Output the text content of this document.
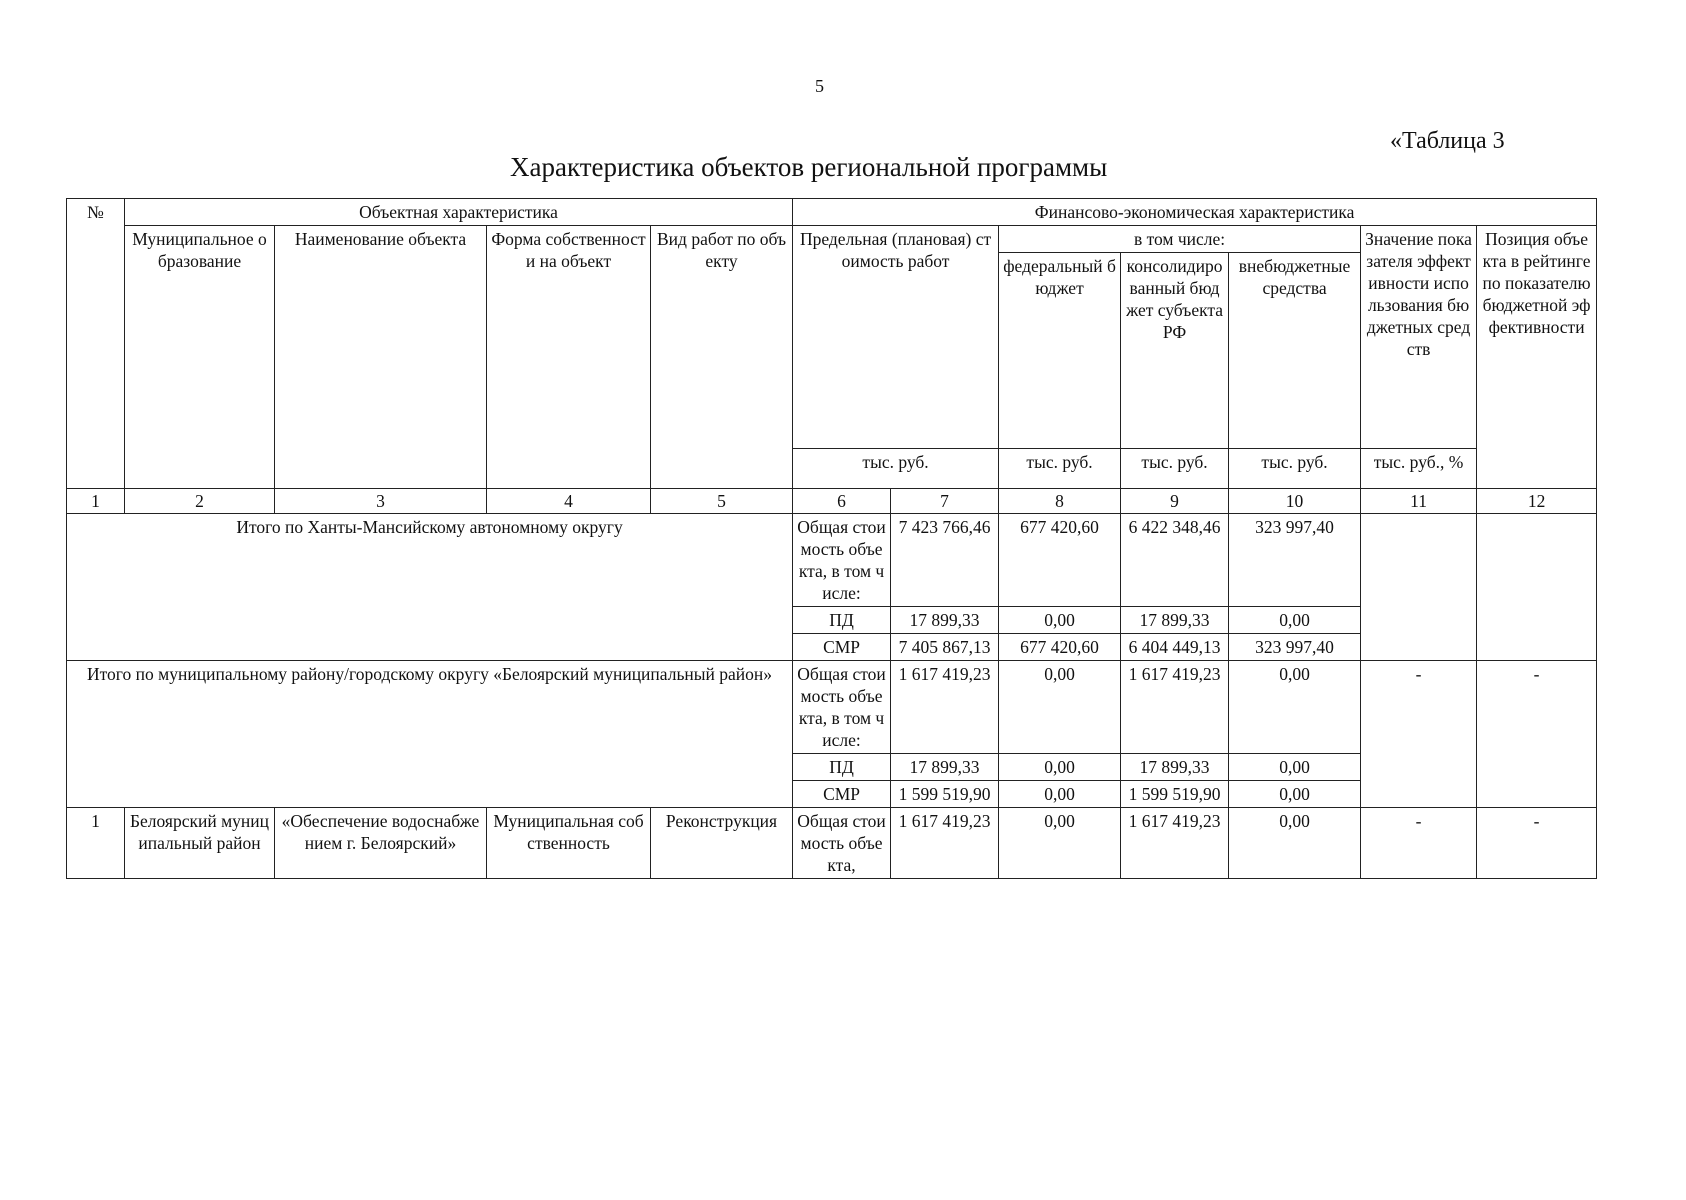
5
«Таблица 3
Характеристика объектов региональной программы
№	Объектная характеристика				Финансово-экономическая характеристика						
	Муниципальное образование	Наименование объекта	Форма собственности на объект	Вид работ по объекту	Предельная (плановая) стоимость работ		в том числе:			Значение показателя эффективности использования бюджетных средств	Позиция объекта в рейтинге по показателю бюджетной эффективности
							федеральный бюджет	консолидированный бюджет субъекта РФ	внебюджетные средства		
					тыс. руб.		тыс. руб.	тыс. руб.	тыс. руб.	тыс. руб., %	
1	2	3	4	5	6	7	8	9	10	11	12
Итого по Ханты-Мансийскому автономному округу					Общая стоимость объекта, в том числе:	7 423 766,46	677 420,60	6 422 348,46	323 997,40		
					ПД	17 899,33	0,00	17 899,33	0,00		
					СМР	7 405 867,13	677 420,60	6 404 449,13	323 997,40		
Итого по муниципальному району/городскому округу «Белоярский муниципальный район»					Общая стоимость объекта, в том числе:	1 617 419,23	0,00	1 617 419,23	0,00	-	-
					ПД	17 899,33	0,00	17 899,33	0,00		
					СМР	1 599 519,90	0,00	1 599 519,90	0,00		
1	Белоярский муниципальный район	«Обеспечение водоснабжением г. Белоярский»	Муниципальная собственность	Реконструкция	Общая стоимость объекта,	1 617 419,23	0,00	1 617 419,23	0,00	-	-
